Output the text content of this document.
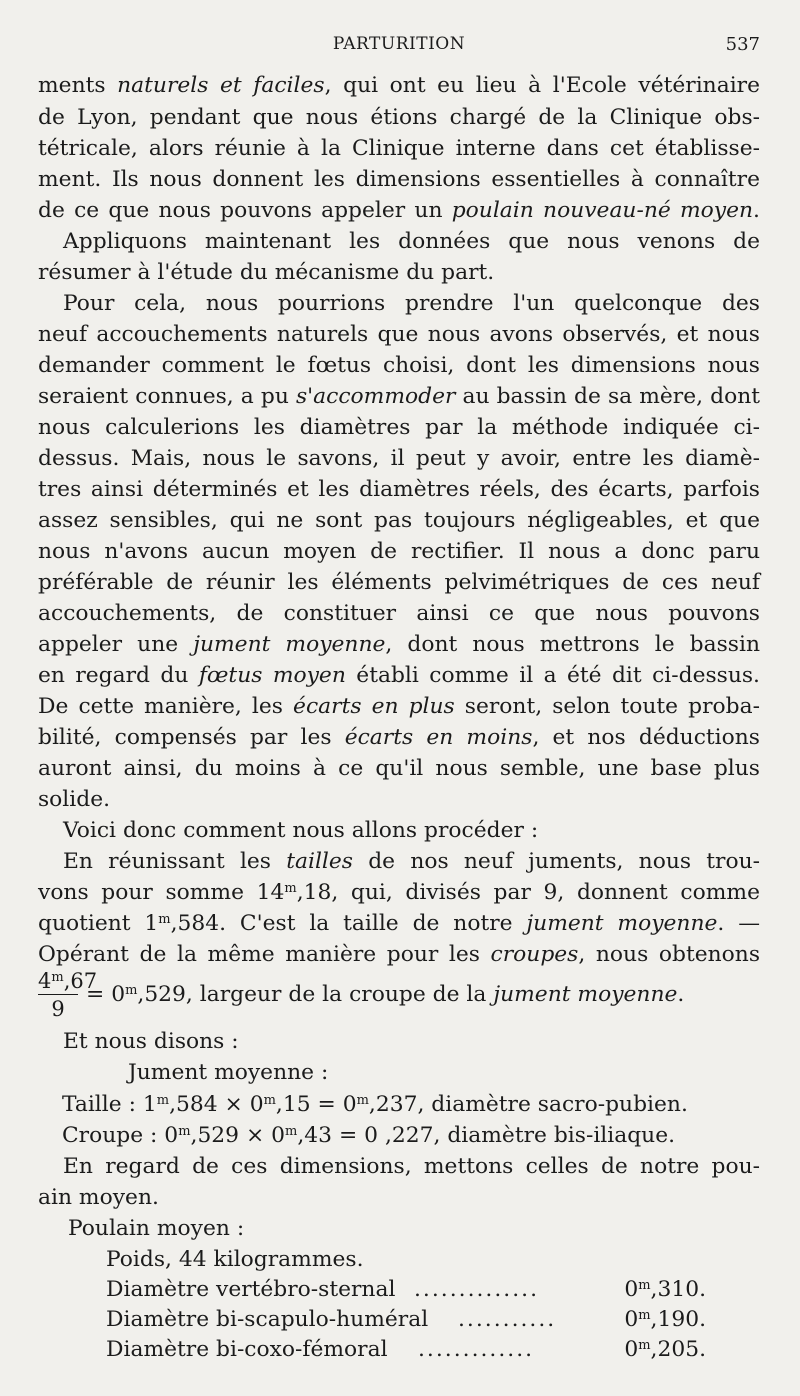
PARTURITION	537
ments naturels et faciles, qui ont eu lieu à l'Ecole vétérinaire
de Lyon, pendant que nous étions chargé de la Clinique obs-
tétricale, alors réunie à la Clinique interne dans cet établisse-
ment. Ils nous donnent les dimensions essentielles à connaître
de ce que nous pouvons appeler un poulain nouveau-né moyen.
Appliquons maintenant les données que nous venons de
résumer à l'étude du mécanisme du part.
Pour cela, nous pourrions prendre l'un quelconque des
neuf accouchements naturels que nous avons observés, et nous
demander comment le fœtus choisi, dont les dimensions nous
seraient connues, a pu s'accommoder au bassin de sa mère, dont
nous calculerions les diamètres par la méthode indiquée ci-
dessus. Mais, nous le savons, il peut y avoir, entre les diamè-
tres ainsi déterminés et les diamètres réels, des écarts, parfois
assez sensibles, qui ne sont pas toujours négligeables, et que
nous n'avons aucun moyen de rectifier. Il nous a donc paru
préférable de réunir les éléments pelvimétriques de ces neuf
accouchements, de constituer ainsi ce que nous pouvons
appeler une jument moyenne, dont nous mettrons le bassin
en regard du fœtus moyen établi comme il a été dit ci-dessus.
De cette manière, les écarts en plus seront, selon toute proba-
bilité, compensés par les écarts en moins, et nos déductions
auront ainsi, du moins à ce qu'il nous semble, une base plus
solide.
Voici donc comment nous allons procéder :
En réunissant les tailles de nos neuf juments, nous trou-
vons pour somme 14$^m$,18, qui, divisés par 9, donnent comme
quotient 1$^m$,584. C'est la taille de notre jument moyenne. —
Opérant de la même manière pour les croupes, nous obtenons
$\frac{4^m,67}{9} = 0^m,529$, largeur de la croupe de la jument moyenne.
Et nous disons :
Jument moyenne :
Taille : $1^m,584 \times 0^m,15 = 0^m,237$, diamètre sacro-pubien.
Croupe : $0^m,529 \times 0^m,43 = 0$ ,227, diamètre bis-iliaque.
En regard de ces dimensions, mettons celles de notre pou-
ain moyen.
Poulain moyen :
Poids, 44 kilogrammes.
Diamètre vertébro-sternal ..............	0$^m$,310.
Diamètre bi-scapulo-huméral ...........	0$^m$,190.
Diamètre bi-coxo-fémoral .............	0$^m$,205.
